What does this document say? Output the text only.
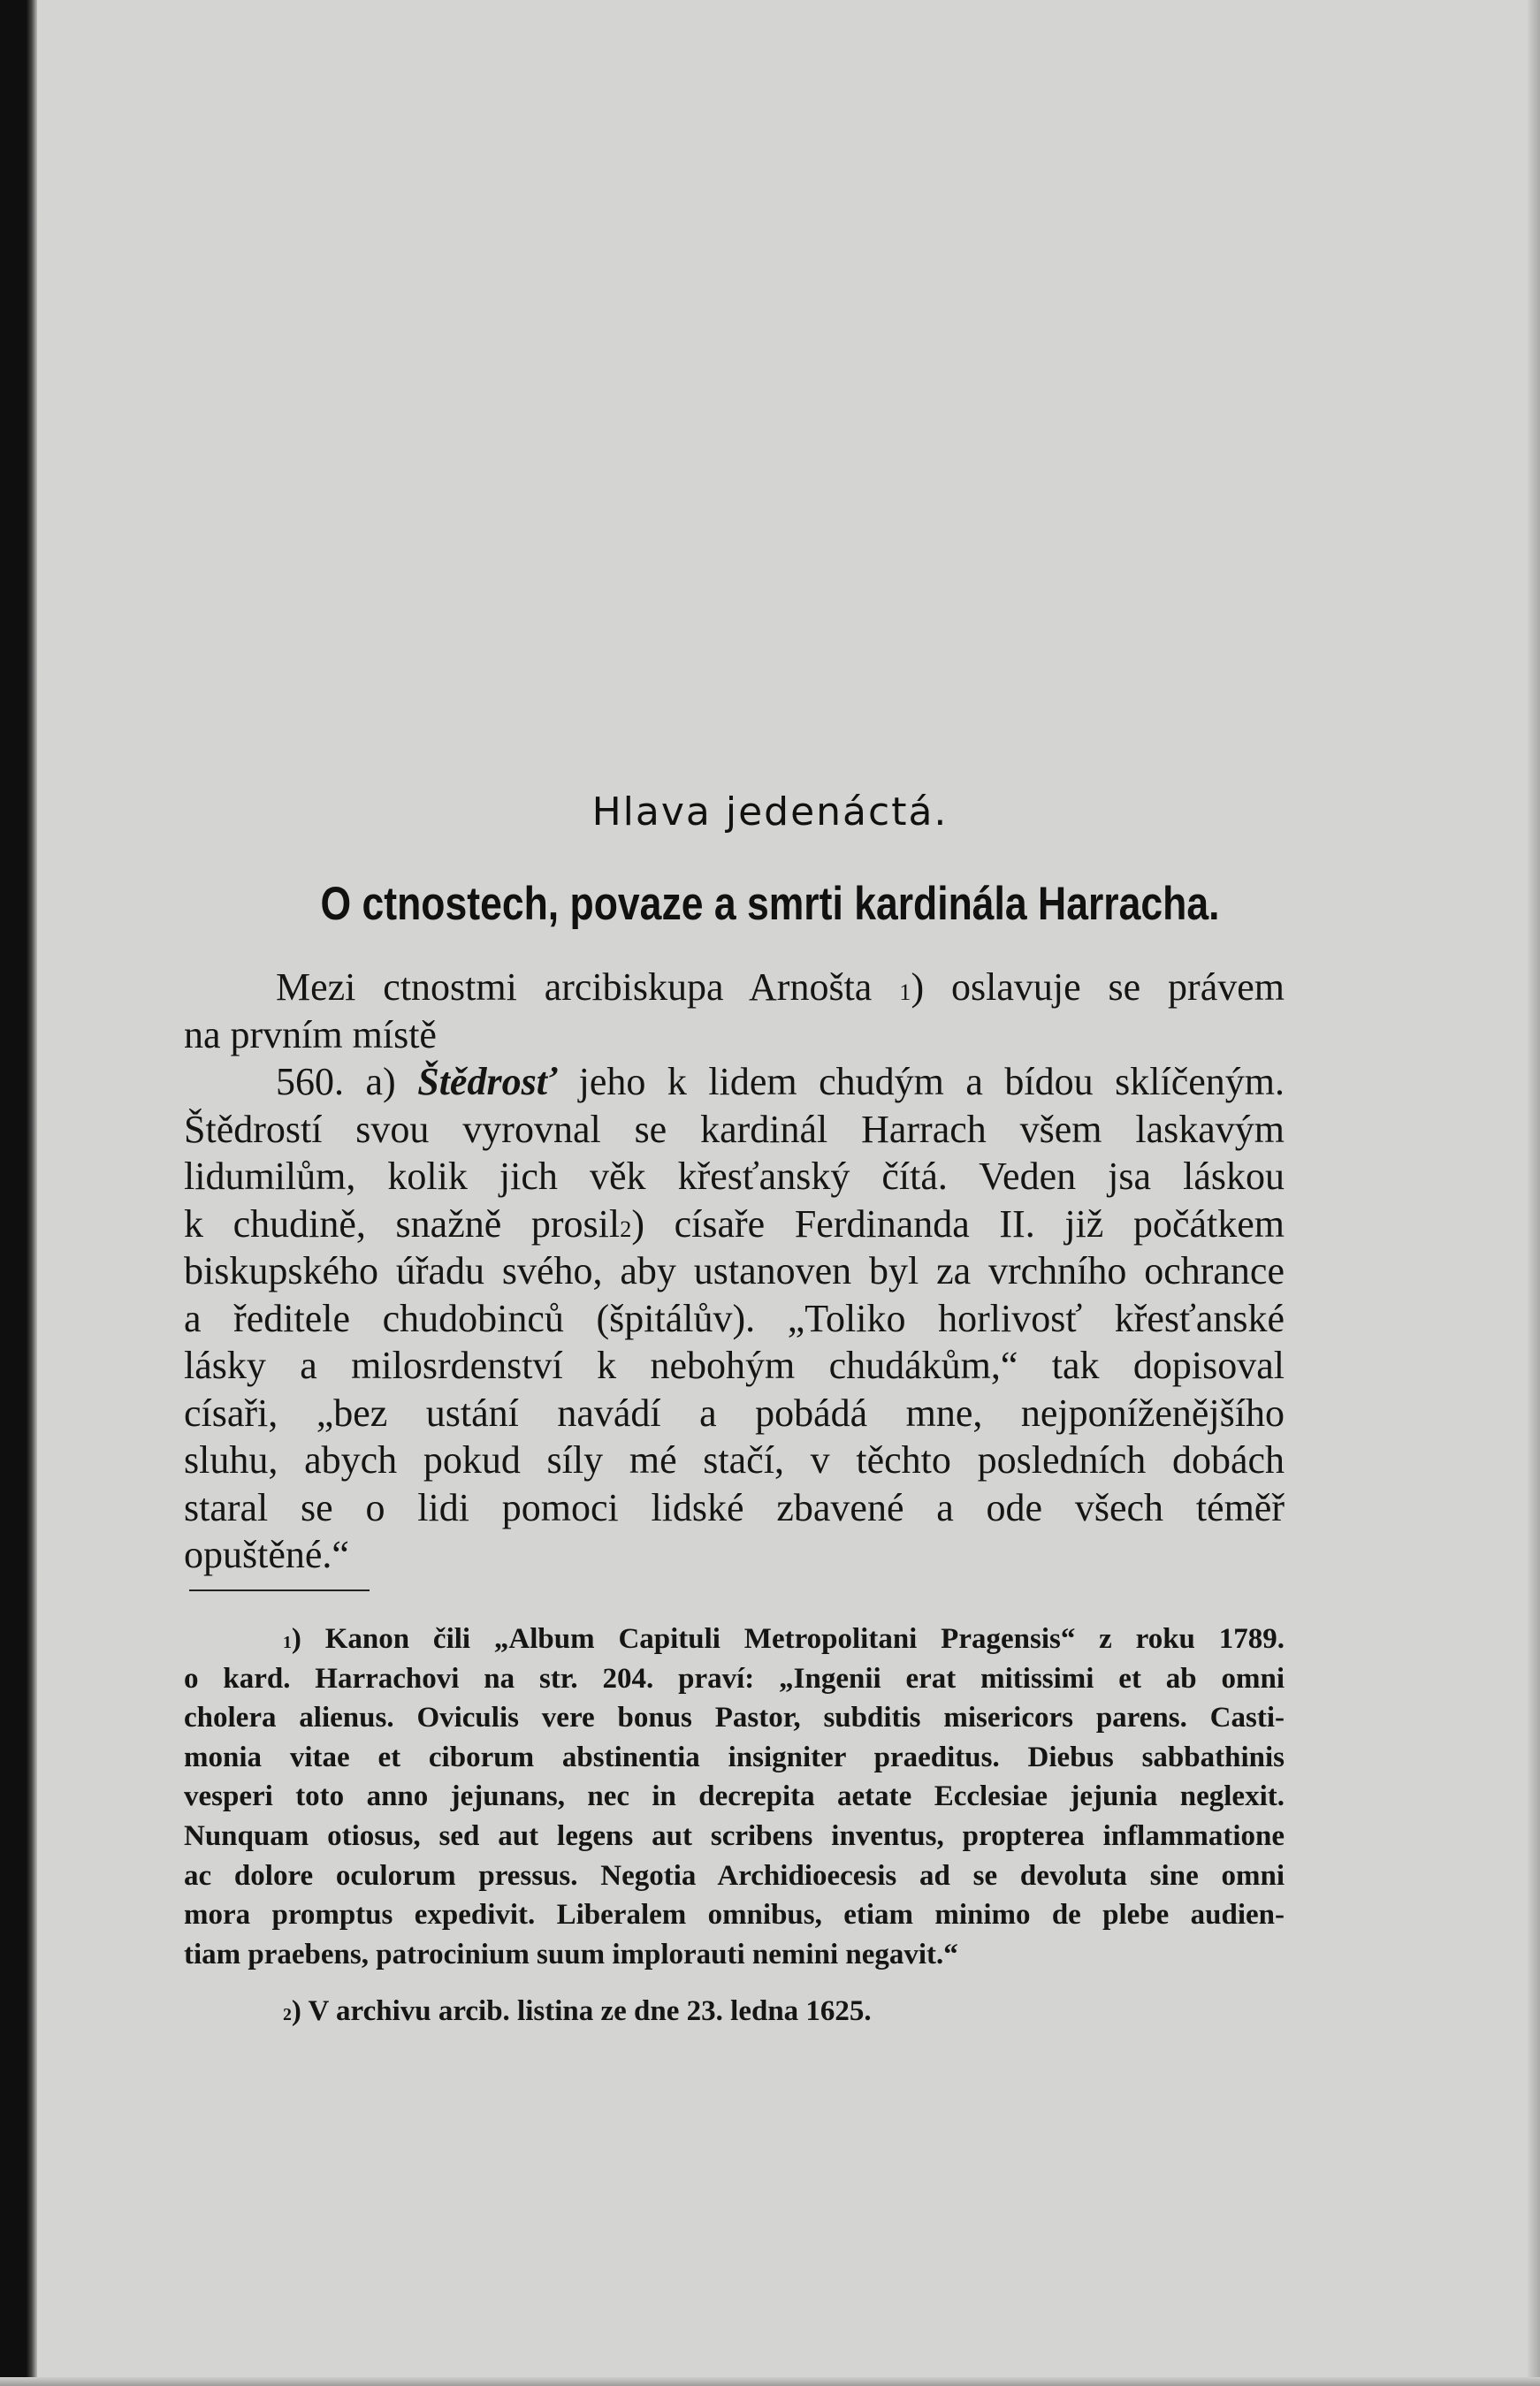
Hlava jedenáctá.
O ctnostech, povaze a smrti kardinála Harracha.
Mezi ctnostmi arcibiskupa Arnošta $^1$) oslavuje se právem
na prvním místě
560. a) Štědrosť jeho k lidem chudým a bídou sklíčeným.
Štědrostí svou vyrovnal se kardinál Harrach všem laskavým
lidumilům, kolik jich věk křesťanský čítá. Veden jsa láskou
k chudině, snažně prosil$^2$) císaře Ferdinanda II. již počátkem
biskupského úřadu svého, aby ustanoven byl za vrchního ochrance
a ředitele chudobinců (špitálův). „Toliko horlivosť křesťanské
lásky a milosrdenství k nebohým chudákům,“ tak dopisoval
císaři, „bez ustání navádí a pobádá mne, nejponíženějšího
sluhu, abych pokud síly mé stačí, v těchto posledních dobách
staral se o lidi pomoci lidské zbavené a ode všech téměř
opuštěné.“
$^1$) Kanon čili „Album Capituli Metropolitani Pragensis“ z roku 1789.
o kard. Harrachovi na str. 204. praví: „Ingenii erat mitissimi et ab omni
cholera alienus. Oviculis vere bonus Pastor, subditis misericors parens. Casti-
monia vitae et ciborum abstinentia insigniter praeditus. Diebus sabbathinis
vesperi toto anno jejunans, nec in decrepita aetate Ecclesiae jejunia neglexit.
Nunquam otiosus, sed aut legens aut scribens inventus, propterea inflammatione
ac dolore oculorum pressus. Negotia Archidioecesis ad se devoluta sine omni
mora promptus expedivit. Liberalem omnibus, etiam minimo de plebe audien-
tiam praebens, patrocinium suum implorauti nemini negavit.“
$^2$) V archivu arcib. listina ze dne 23. ledna 1625.
